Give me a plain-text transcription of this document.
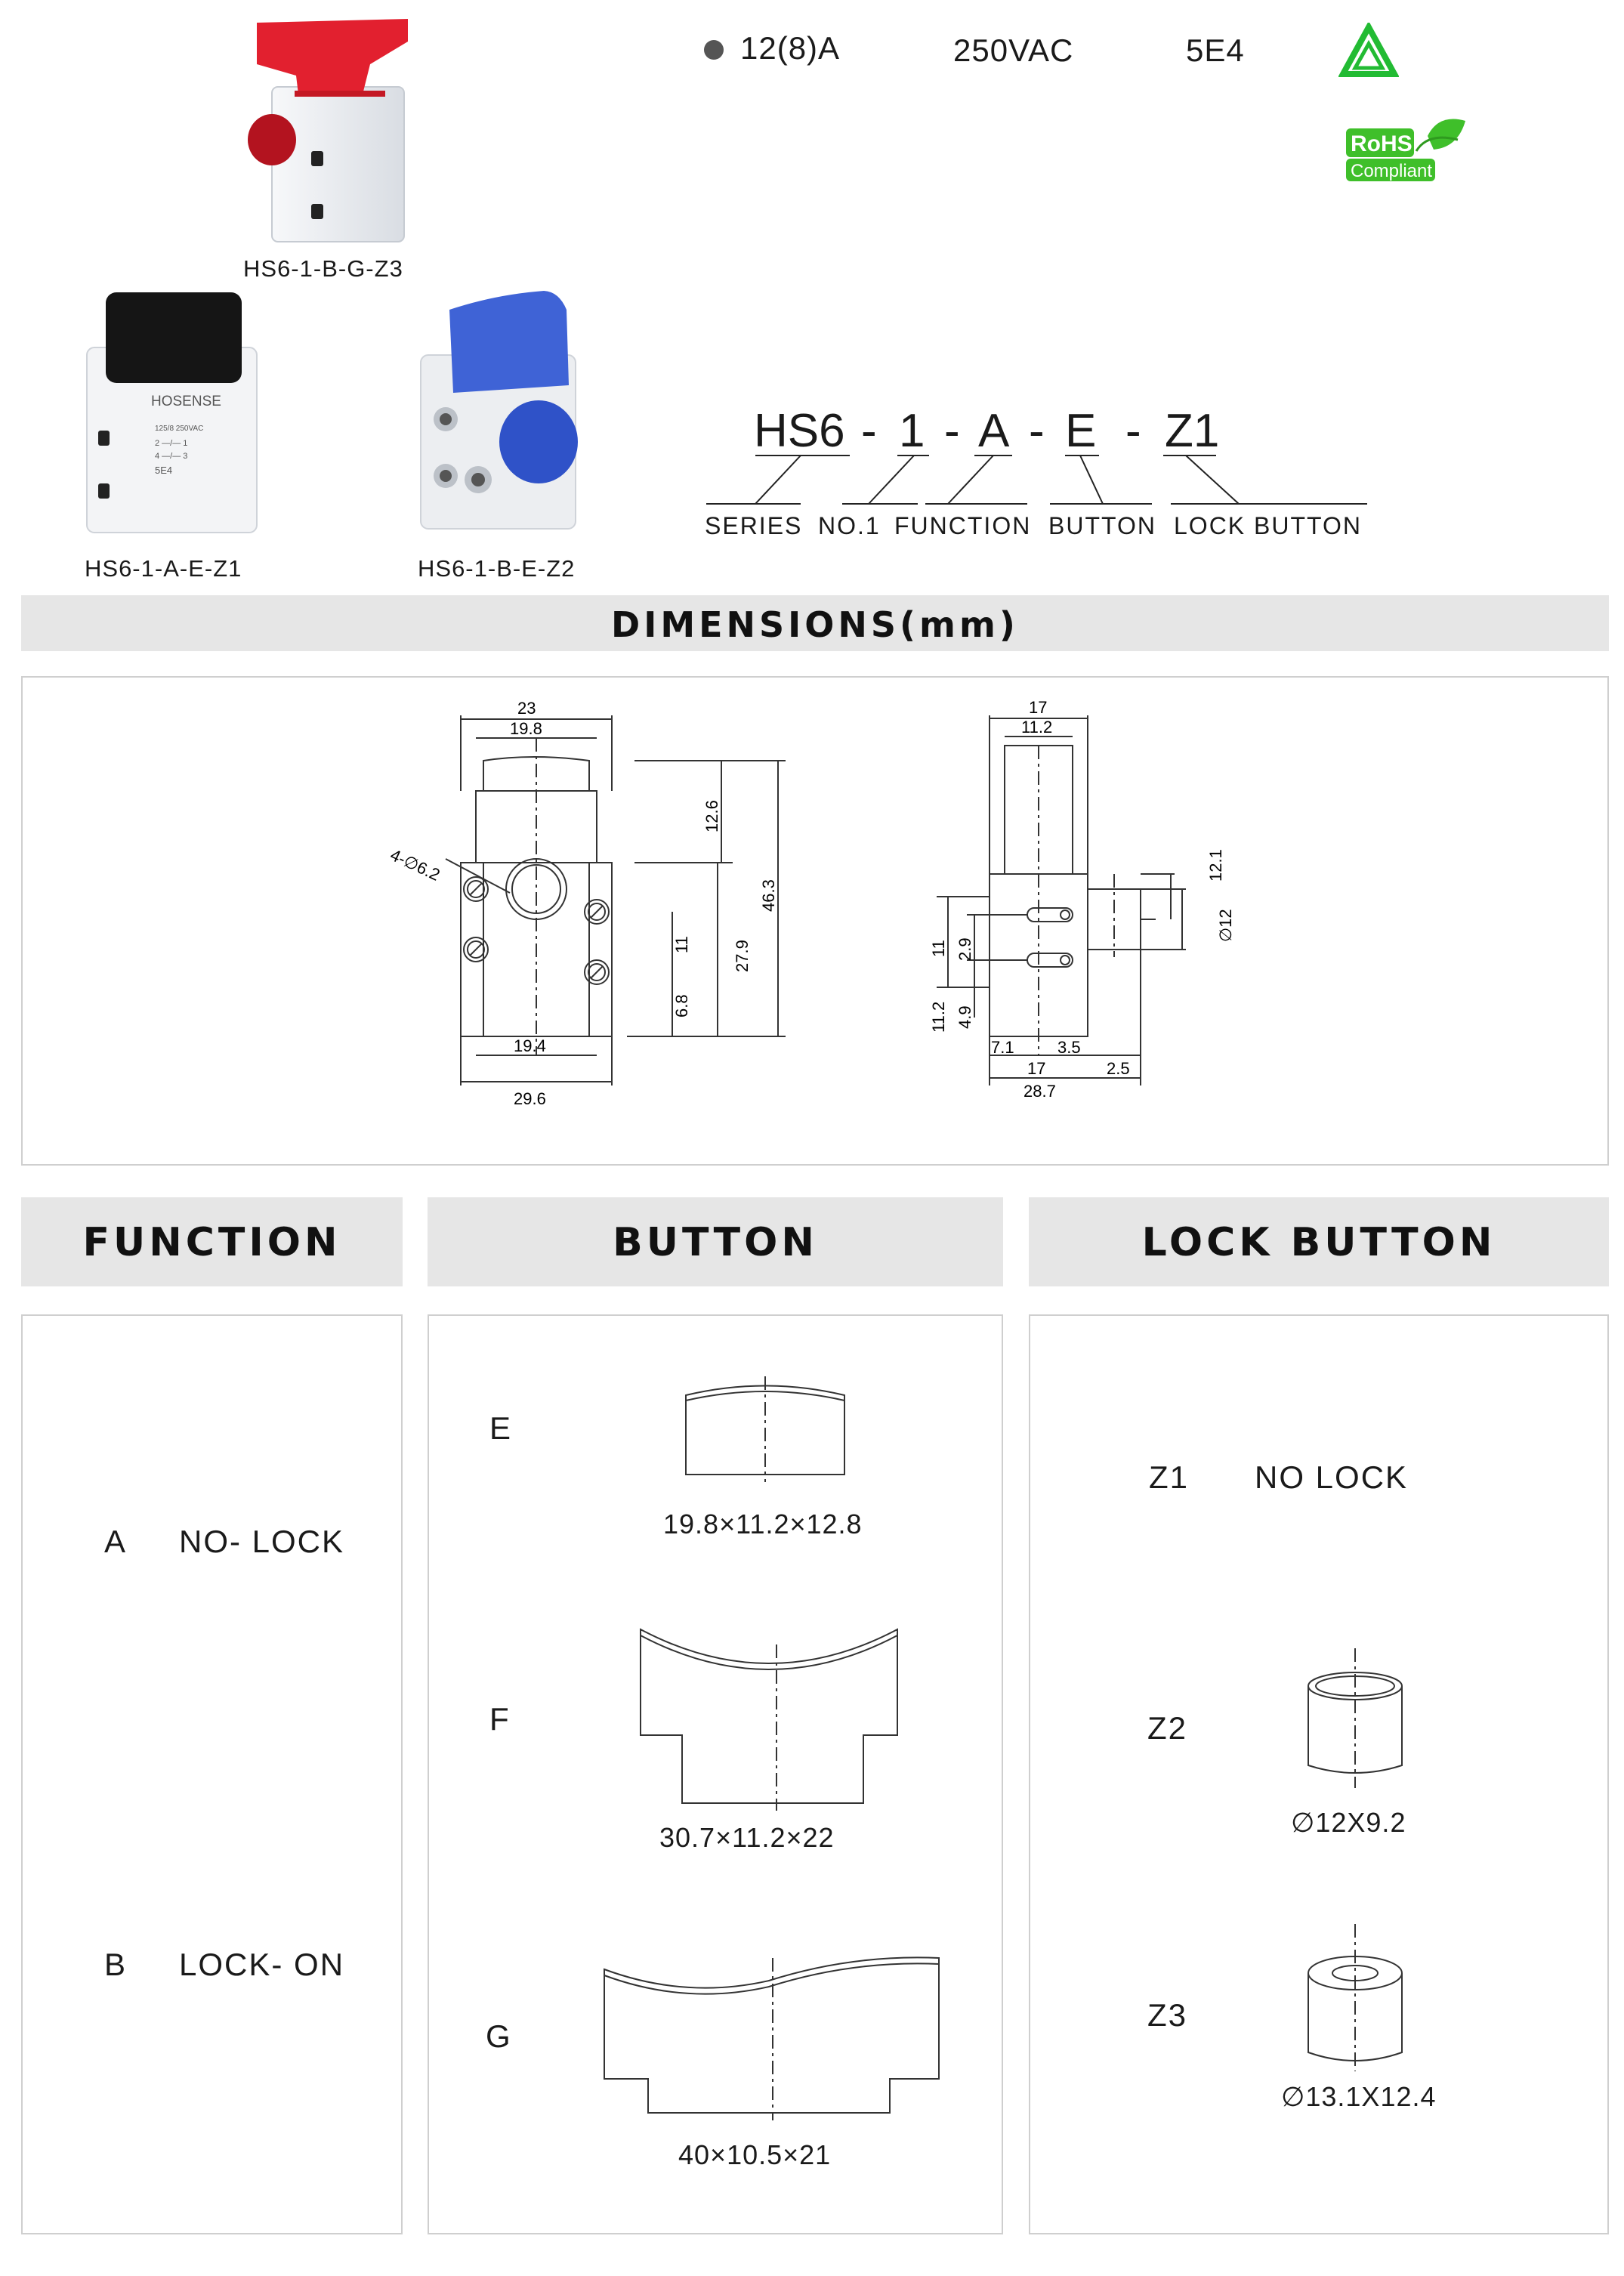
HS6-1-B-G-Z3
HOSENSE
125/8 250VAC
2 —/— 1
4 —/— 3
5E4
HS6-1-A-E-Z1	HS6-1-B-E-Z2
12(8)A	250VAC	5E4
RoHS
Compliant
HS6 - 1 - A - E - Z1
SERIES NO.1 FUNCTION BUTTON LOCK BUTTON
DIMENSIONS(mm)
23
19.8
12.6
46.3
27.9
11
6.8
19.4
29.6
4-∅6.2
17
11.2
12.1
∅12
11 2.9
11.2 4.9
7.1	3.5
17	2.5
28.7
FUNCTION	BUTTON	LOCK BUTTON
A NO- LOCK
B LOCK- ON
E
19.8×11.2×12.8
F
30.7×11.2×22
G
40×10.5×21
Z1 NO LOCK
Z2
∅12X9.2
Z3
∅13.1X12.4
